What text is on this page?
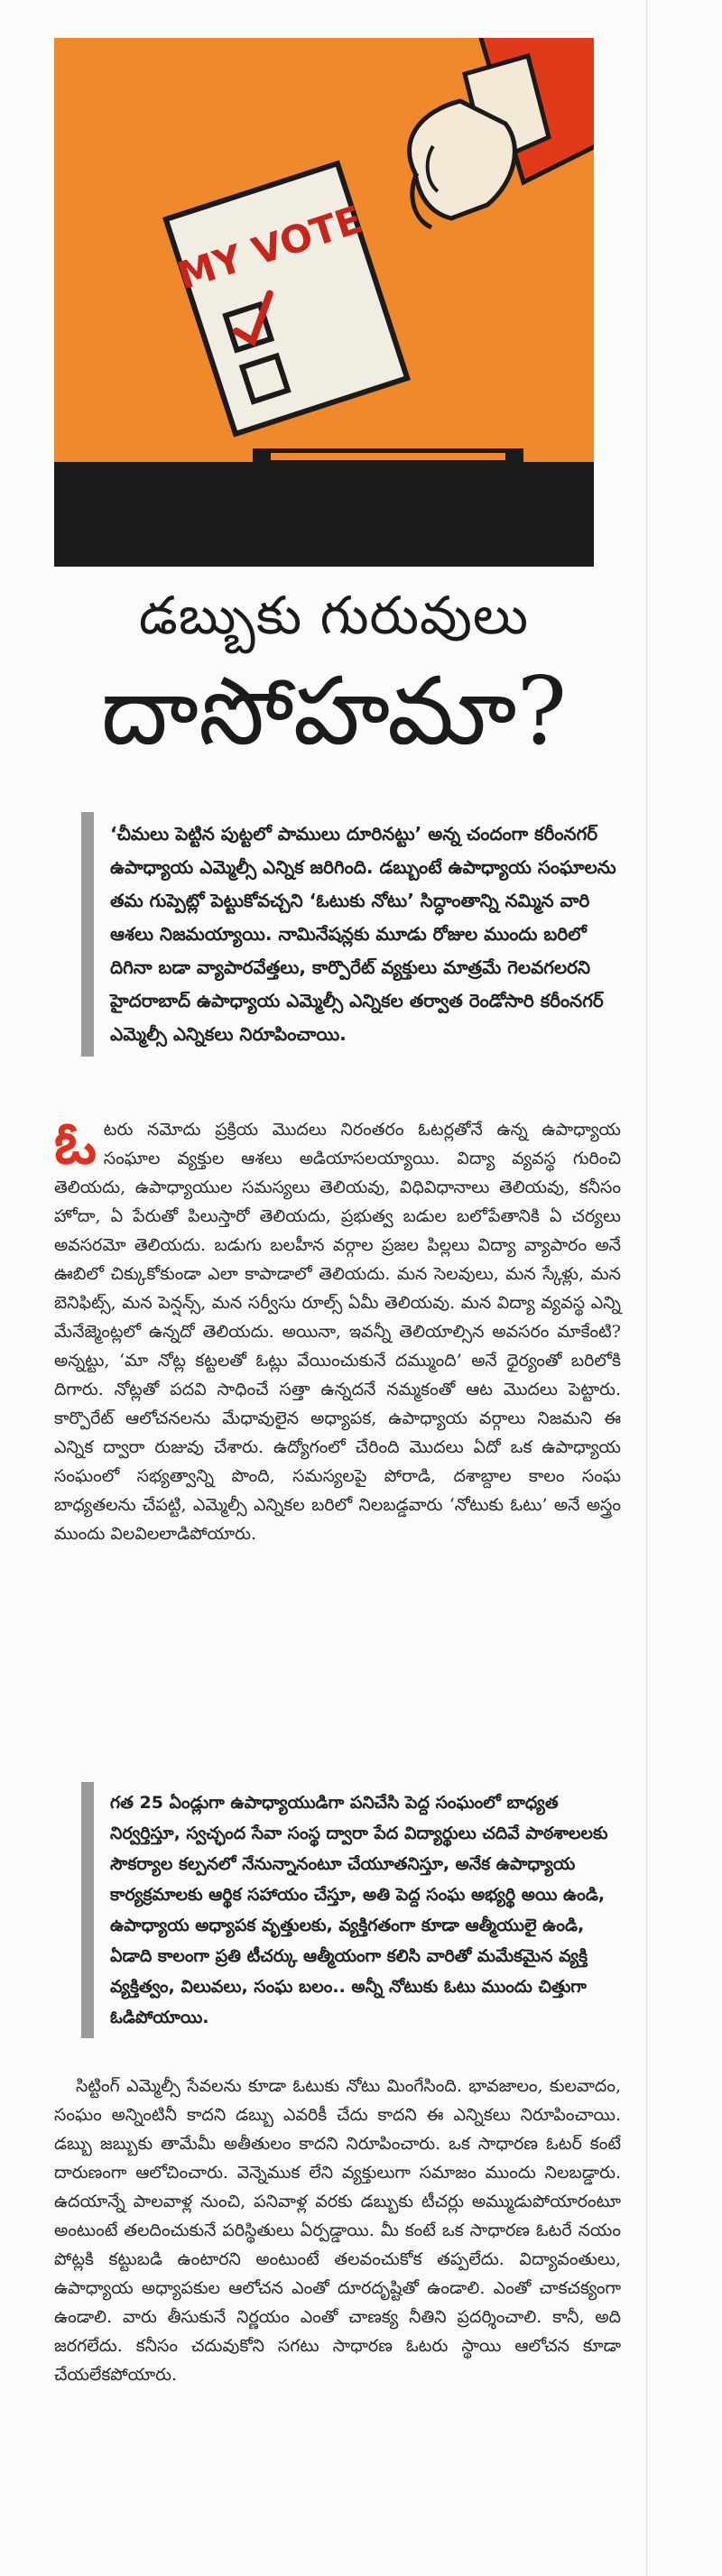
MY VOTE
డబ్బుకు గురువులు
దాసోహమా?
‘చీమలు పెట్టిన పుట్టలో పాములు దూరినట్టు’ అన్న చందంగా కరీంనగర్ ఉపాధ్యాయ ఎమ్మెల్సీ ఎన్నిక జరిగింది. డబ్బుంటే ఉపాధ్యాయ సంఘాలను తమ గుప్పెట్లో పెట్టుకోవచ్చని ‘ఓటుకు నోటు’ సిద్ధాంతాన్ని నమ్మిన వారి ఆశలు నిజమయ్యాయి. నామినేషన్లకు మూడు రోజుల ముందు బరిలో దిగినా బడా వ్యాపారవేత్తలు, కార్పొరేట్ వ్యక్తులు మాత్రమే గెలవగలరని హైదరాబాద్ ఉపాధ్యాయ ఎమ్మెల్సీ ఎన్నికల తర్వాత రెండోసారి కరీంనగర్ ఎమ్మెల్సీ ఎన్నికలు నిరూపించాయి.
ఓటరు నమోదు ప్రక్రియ మొదలు నిరంతరం ఓటర్లతోనే ఉన్న ఉపాధ్యాయ సంఘాల వ్యక్తుల ఆశలు అడియాసలయ్యాయి. విద్యా వ్యవస్థ గురించి తెలియదు, ఉపాధ్యాయుల సమస్యలు తెలియవు, విధివిధానాలు తెలియవు, కనీసం హోదా, ఏ పేరుతో పిలుస్తారో తెలియదు, ప్రభుత్వ బడుల బలోపేతానికి ఏ చర్యలు అవసరమో తెలియదు. బడుగు బలహీన వర్గాల ప్రజల పిల్లలు విద్యా వ్యాపారం అనే ఊబిలో చిక్కుకోకుండా ఎలా కాపాడాలో తెలియదు. మన సెలవులు, మన స్కేళ్లు, మన బెనిఫిట్స్, మన పెన్షన్స్, మన సర్వీసు రూల్స్ ఏమీ తెలియవు. మన విద్యా వ్యవస్థ ఎన్ని మేనేజ్మెంట్లలో ఉన్నదో తెలియదు. అయినా, ఇవన్నీ తెలియాల్సిన అవసరం మాకేంటి? అన్నట్టు, ‘మా నోట్ల కట్టలతో ఓట్లు వేయించుకునే దమ్ముంది’ అనే ధైర్యంతో బరిలోకి దిగారు. నోట్లతో పదవి సాధించే సత్తా ఉన్నదనే నమ్మకంతో ఆట మొదలు పెట్టారు. కార్పొరేట్ ఆలోచనలను మేధావులైన అధ్యాపక, ఉపాధ్యాయ వర్గాలు నిజమని ఈ ఎన్నిక ద్వారా రుజువు చేశారు. ఉద్యోగంలో చేరింది మొదలు ఏదో ఒక ఉపాధ్యాయ సంఘంలో సభ్యత్వాన్ని పొంది, సమస్యలపై పోరాడి, దశాబ్దాల కాలం సంఘ బాధ్యతలను చేపట్టి, ఎమ్మెల్సీ ఎన్నికల బరిలో నిలబడ్డవారు ‘నోటుకు ఓటు’ అనే అస్త్రం ముందు విలవిలలాడిపోయారు.
గత 25 ఏండ్లుగా ఉపాధ్యాయుడిగా పనిచేసి పెద్ద సంఘంలో బాధ్యత నిర్వర్తిస్తూ, స్వచ్ఛంద సేవా సంస్థ ద్వారా పేద విద్యార్థులు చదివే పాఠశాలలకు సౌకర్యాల కల్పనలో నేనున్నానంటూ చేయూతనిస్తూ, అనేక ఉపాధ్యాయ కార్యక్రమాలకు ఆర్థిక సహాయం చేస్తూ, అతి పెద్ద సంఘ అభ్యర్థి అయి ఉండి, ఉపాధ్యాయ అధ్యాపక వృత్తులకు, వ్యక్తిగతంగా కూడా ఆత్మీయులై ఉండి, ఏడాది కాలంగా ప్రతి టీచర్కు ఆత్మీయంగా కలిసి వారితో మమేకమైన వ్యక్తి వ్యక్తిత్వం, విలువలు, సంఘ బలం.. అన్నీ నోటుకు ఓటు ముందు చిత్తుగా ఓడిపోయాయి.
సిట్టింగ్ ఎమ్మెల్సీ సేవలను కూడా ఓటుకు నోటు మింగేసింది. భావజాలం, కులవాదం, సంఘం అన్నింటినీ కాదని డబ్బు ఎవరికీ చేదు కాదని ఈ ఎన్నికలు నిరూపించాయి. డబ్బు జబ్బుకు తామేమీ అతీతులం కాదని నిరూపించారు. ఒక సాధారణ ఓటర్ కంటే దారుణంగా ఆలోచించారు. వెన్నెముక లేని వ్యక్తులుగా సమాజం ముందు నిలబడ్డారు. ఉదయాన్నే పాలవాళ్ల నుంచి, పనివాళ్ల వరకు డబ్బుకు టీచర్లు అమ్ముడుపోయారంటూ అంటుంటే తలదించుకునే పరిస్థితులు ఏర్పడ్డాయి. మీ కంటే ఒక సాధారణ ఓటరే నయం పోట్లకి కట్టుబడి ఉంటారని అంటుంటే తలవంచుకోక తప్పలేదు. విద్యావంతులు, ఉపాధ్యాయ అధ్యాపకుల ఆలోచన ఎంతో దూరదృష్టితో ఉండాలి. ఎంతో చాకచక్యంగా ఉండాలి. వారు తీసుకునే నిర్ణయం ఎంతో చాణక్య నీతిని ప్రదర్శించాలి. కానీ, అది జరగలేదు. కనీసం చదువుకోని సగటు సాధారణ ఓటరు స్థాయి ఆలోచన కూడా చేయలేకపోయారు.
